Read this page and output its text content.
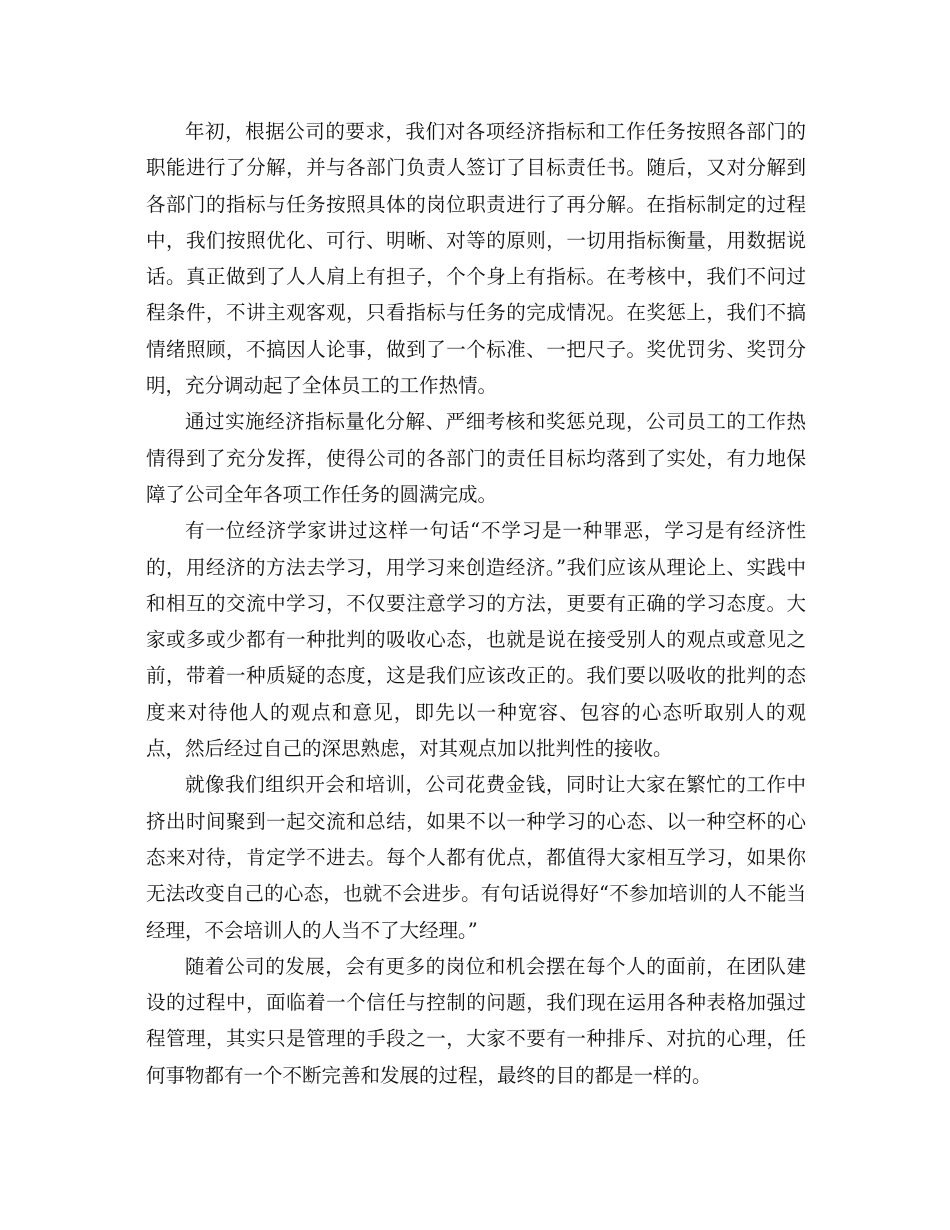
年初，根据公司的要求，我们对各项经济指标和工作任务按照各部门的职能进行了分解，并与各部门负责人签订了目标责任书。随后，又对分解到各部门的指标与任务按照具体的岗位职责进行了再分解。在指标制定的过程中，我们按照优化、可行、明晰、对等的原则，一切用指标衡量，用数据说话。真正做到了人人肩上有担子，个个身上有指标。在考核中，我们不问过程条件，不讲主观客观，只看指标与任务的完成情况。在奖惩上，我们不搞情绪照顾，不搞因人论事，做到了一个标准、一把尺子。奖优罚劣、奖罚分明，充分调动起了全体员工的工作热情。

通过实施经济指标量化分解、严细考核和奖惩兑现，公司员工的工作热情得到了充分发挥，使得公司的各部门的责任目标均落到了实处，有力地保障了公司全年各项工作任务的圆满完成。

有一位经济学家讲过这样一句话“不学习是一种罪恶，学习是有经济性的，用经济的方法去学习，用学习来创造经济。”我们应该从理论上、实践中和相互的交流中学习，不仅要注意学习的方法，更要有正确的学习态度。大家或多或少都有一种批判的吸收心态，也就是说在接受别人的观点或意见之前，带着一种质疑的态度，这是我们应该改正的。我们要以吸收的批判的态度来对待他人的观点和意见，即先以一种宽容、包容的心态听取别人的观点，然后经过自己的深思熟虑，对其观点加以批判性的接收。

就像我们组织开会和培训，公司花费金钱，同时让大家在繁忙的工作中挤出时间聚到一起交流和总结，如果不以一种学习的心态、以一种空杯的心态来对待，肯定学不进去。每个人都有优点，都值得大家相互学习，如果你无法改变自己的心态，也就不会进步。有句话说得好“不参加培训的人不能当经理，不会培训人的人当不了大经理。”

随着公司的发展，会有更多的岗位和机会摆在每个人的面前，在团队建设的过程中，面临着一个信任与控制的问题，我们现在运用各种表格加强过程管理，其实只是管理的手段之一，大家不要有一种排斥、对抗的心理，任何事物都有一个不断完善和发展的过程，最终的目的都是一样的。
